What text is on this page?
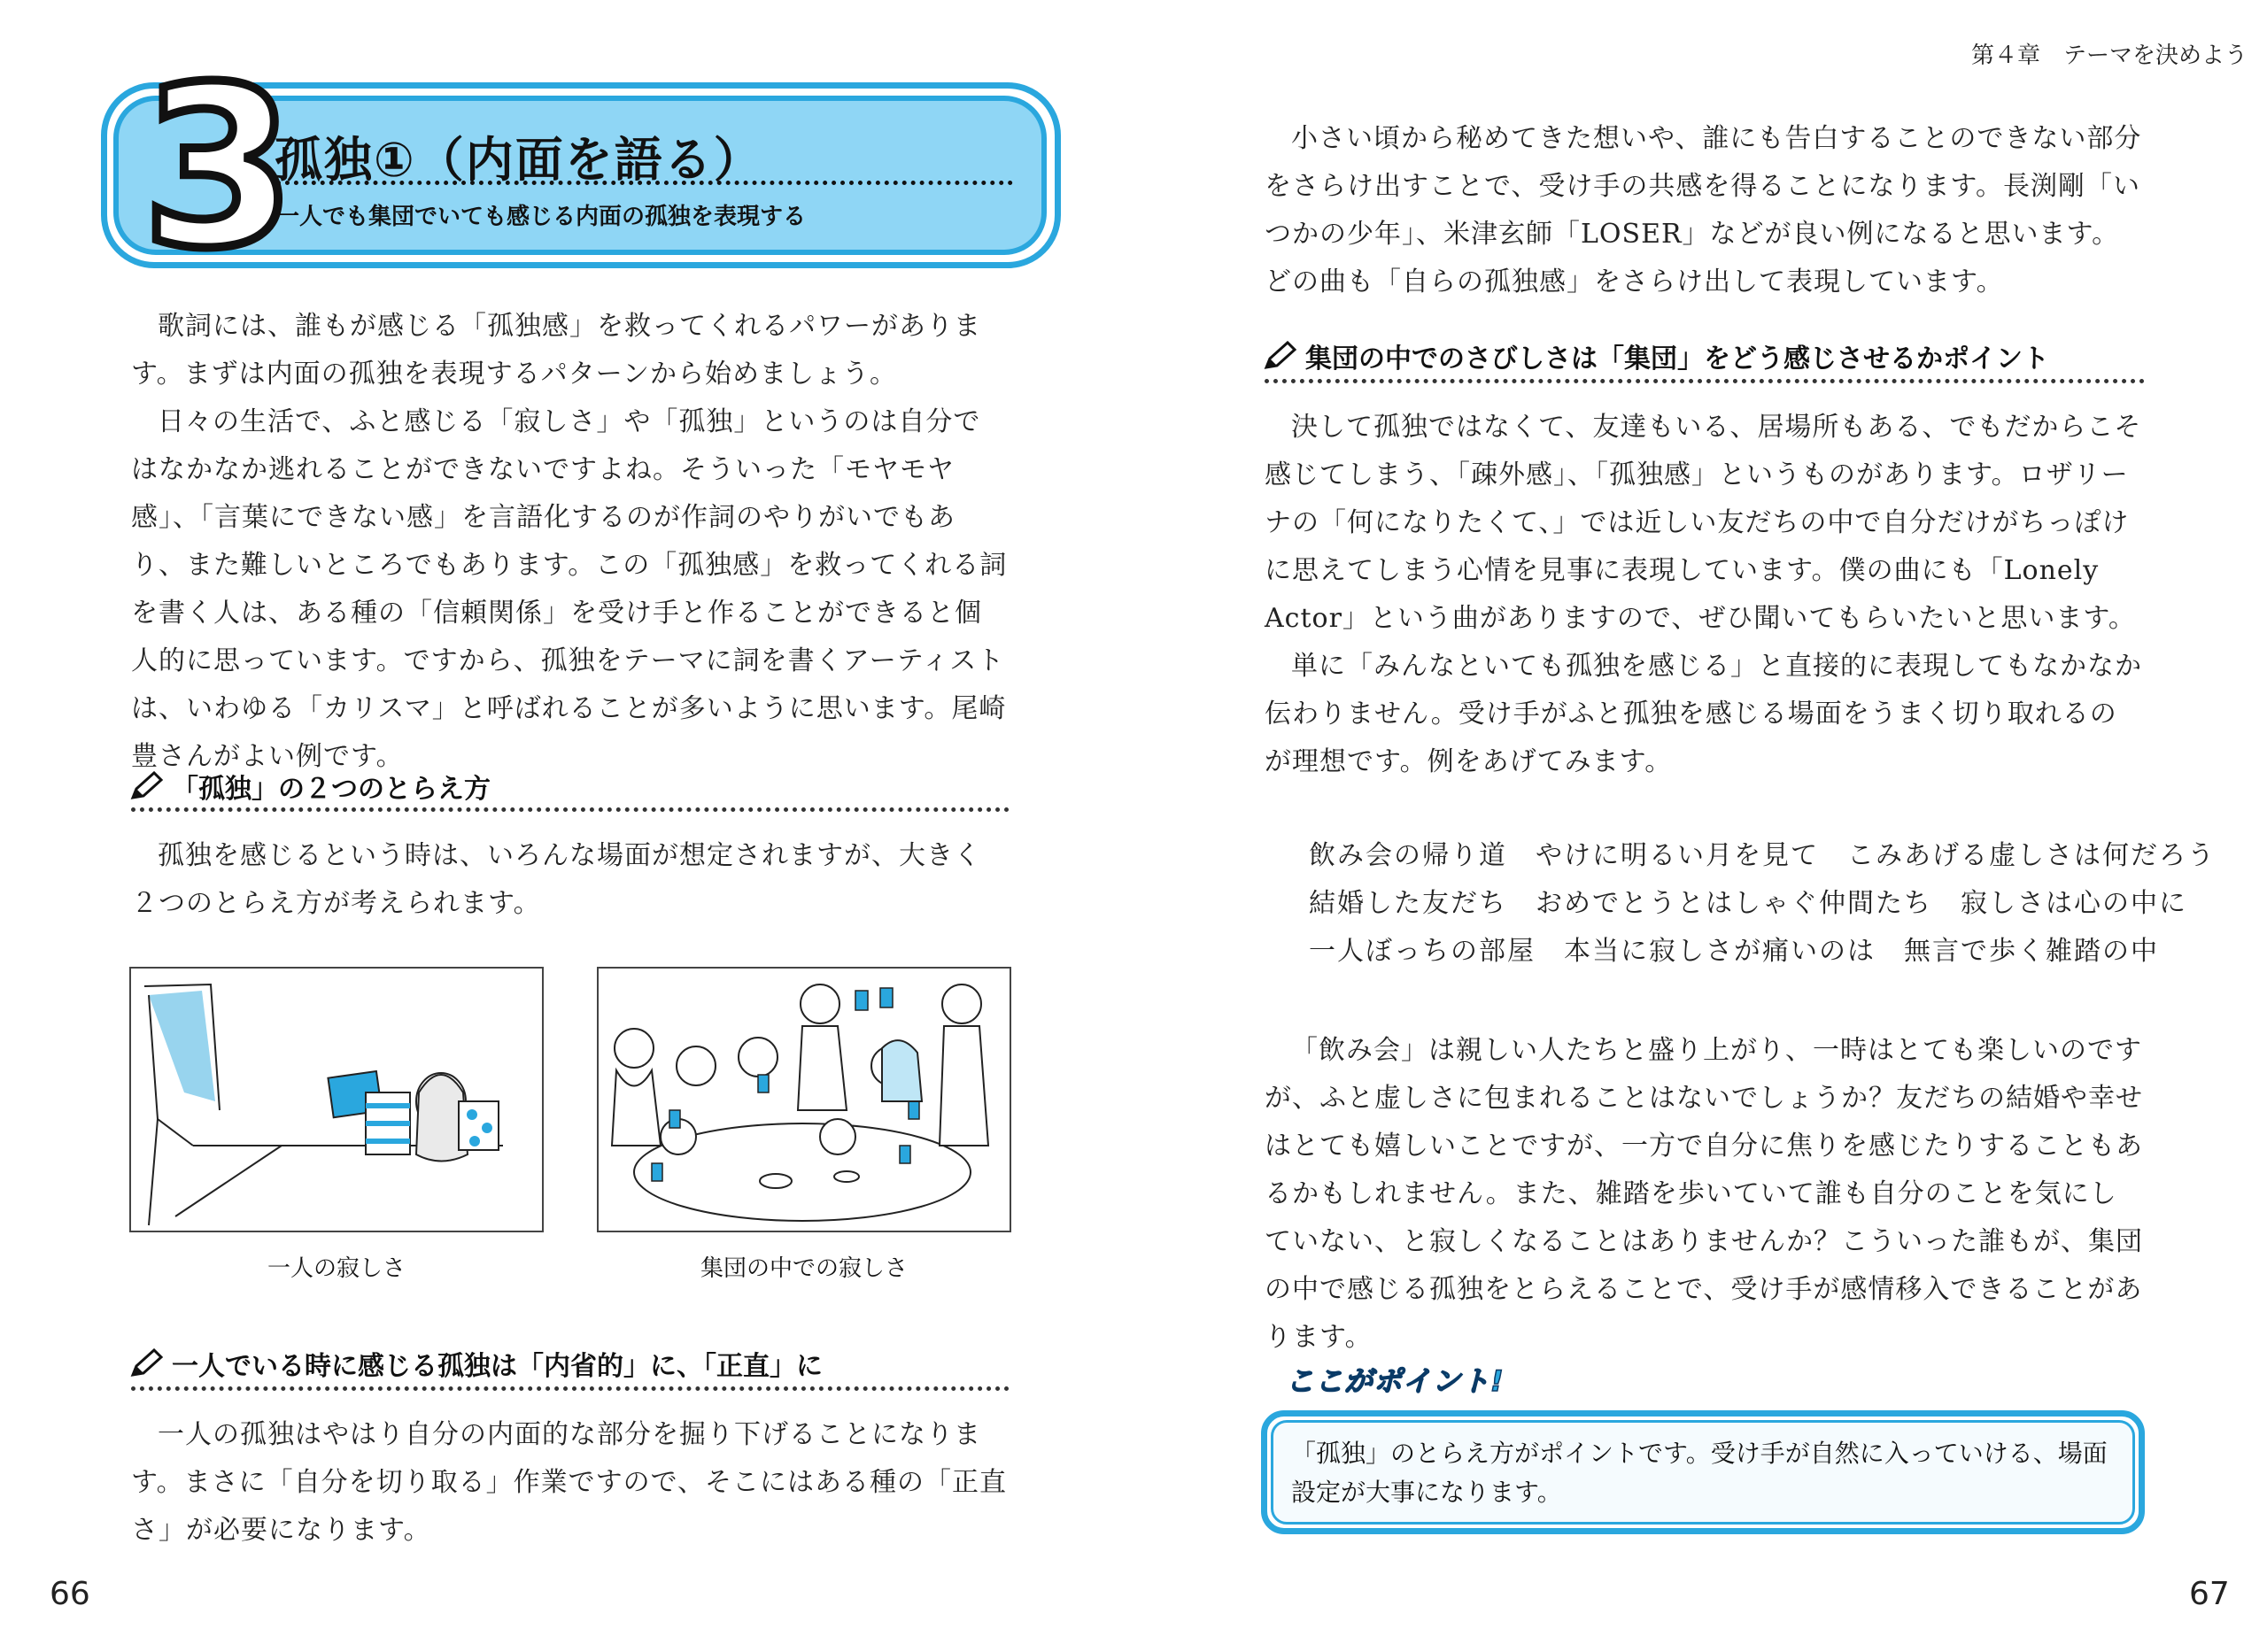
3
孤独①（内面を語る）
一人でも集団でいても感じる内面の孤独を表現する

歌詞には、誰もが感じる「孤独感」を救ってくれるパワーがあります。まずは内面の孤独を表現するパターンから始めましょう。

日々の生活で、ふと感じる「寂しさ」や「孤独」というのは自分ではなかなか逃れることができないですよね。そういった「モヤモヤ感」、「言葉にできない感」を言語化するのが作詞のやりがいでもあり、また難しいところでもあります。この「孤独感」を救ってくれる詞を書く人は、ある種の「信頼関係」を受け手と作ることができると個人的に思っています。ですから、孤独をテーマに詞を書くアーティストは、いわゆる「カリスマ」と呼ばれることが多いように思います。尾崎豊さんがよい例です。

「孤独」の２つのとらえ方

孤独を感じるという時は、いろんな場面が想定されますが、大きく２つのとらえ方が考えられます。

一人の寂しさ	集団の中での寂しさ
一人でいる時に感じる孤独は「内省的」に、「正直」に

一人の孤独はやはり自分の内面的な部分を掘り下げることになります。まさに「自分を切り取る」作業ですので、そこにはある種の「正直さ」が必要になります。

66
第４章　テーマを決めよう

小さい頃から秘めてきた想いや、誰にも告白することのできない部分をさらけ出すことで、受け手の共感を得ることになります。長渕剛「いつかの少年」、米津玄師「LOSER」などが良い例になると思います。どの曲も「自らの孤独感」をさらけ出して表現しています。

集団の中でのさびしさは「集団」をどう感じさせるかポイント

決して孤独ではなくて、友達もいる、居場所もある、でもだからこそ感じてしまう、「疎外感」、「孤独感」というものがあります。ロザリーナの「何になりたくて、」では近しい友だちの中で自分だけがちっぽけに思えてしまう心情を見事に表現しています。僕の曲にも「Lonely Actor」という曲がありますので、ぜひ聞いてもらいたいと思います。

単に「みんなといても孤独を感じる」と直接的に表現してもなかなか伝わりません。受け手がふと孤独を感じる場面をうまく切り取れるのが理想です。例をあげてみます。

飲み会の帰り道　やけに明るい月を見て　こみあげる虚しさは何だろう
結婚した友だち　おめでとうとはしゃぐ仲間たち　寂しさは心の中に
一人ぼっちの部屋　本当に寂しさが痛いのは　無言で歩く雑踏の中

「飲み会」は親しい人たちと盛り上がり、一時はとても楽しいのですが、ふと虚しさに包まれることはないでしょうか？友だちの結婚や幸せはとても嬉しいことですが、一方で自分に焦りを感じたりすることもあるかもしれません。また、雑踏を歩いていて誰も自分のことを気にしていない、と寂しくなることはありませんか？こういった誰もが、集団の中で感じる孤独をとらえることで、受け手が感情移入できることがあります。

ここがポイント!
「孤独」のとらえ方がポイントです。受け手が自然に入っていける、場面設定が大事になります。
67
